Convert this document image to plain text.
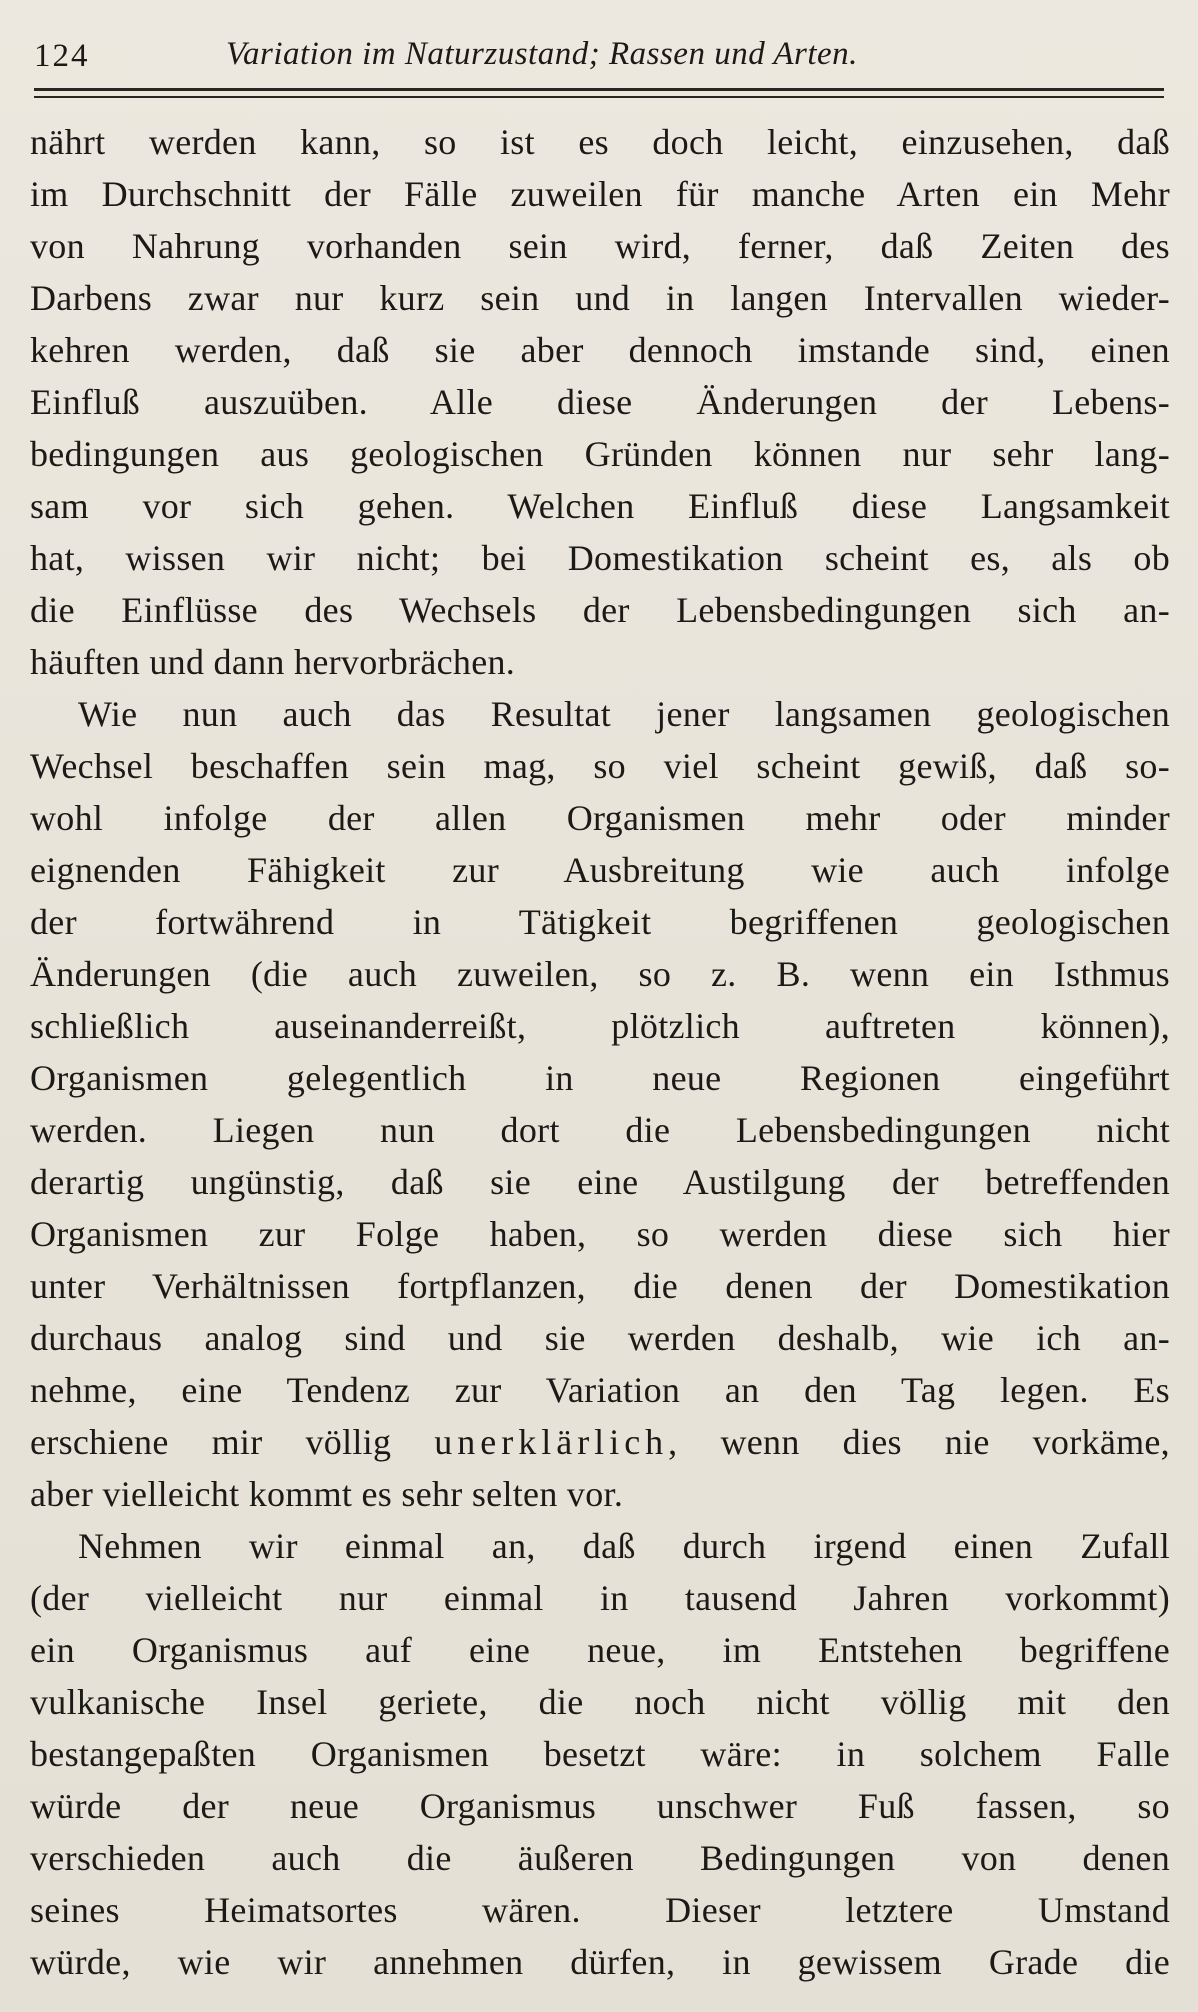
124	Variation im Naturzustand; Rassen und Arten.
nährt werden kann, so ist es doch leicht, einzusehen, daß
im Durchschnitt der Fälle zuweilen für manche Arten ein Mehr
von Nahrung vorhanden sein wird, ferner, daß Zeiten des
Darbens zwar nur kurz sein und in langen Intervallen wieder-
kehren werden, daß sie aber dennoch imstande sind, einen
Einfluß auszuüben. Alle diese Änderungen der Lebens-
bedingungen aus geologischen Gründen können nur sehr lang-
sam vor sich gehen. Welchen Einfluß diese Langsamkeit
hat, wissen wir nicht; bei Domestikation scheint es, als ob
die Einflüsse des Wechsels der Lebensbedingungen sich an-
häuften und dann hervorbrächen.
Wie nun auch das Resultat jener langsamen geologischen
Wechsel beschaffen sein mag, so viel scheint gewiß, daß so-
wohl infolge der allen Organismen mehr oder minder
eignenden Fähigkeit zur Ausbreitung wie auch infolge
der fortwährend in Tätigkeit begriffenen geologischen
Änderungen (die auch zuweilen, so z. B. wenn ein Isthmus
schließlich auseinanderreißt, plötzlich auftreten können),
Organismen gelegentlich in neue Regionen eingeführt
werden. Liegen nun dort die Lebensbedingungen nicht
derartig ungünstig, daß sie eine Austilgung der betreffenden
Organismen zur Folge haben, so werden diese sich hier
unter Verhältnissen fortpflanzen, die denen der Domestikation
durchaus analog sind und sie werden deshalb, wie ich an-
nehme, eine Tendenz zur Variation an den Tag legen. Es
erschiene mir völlig unerklärlich, wenn dies nie vorkäme,
aber vielleicht kommt es sehr selten vor.
Nehmen wir einmal an, daß durch irgend einen Zufall
(der vielleicht nur einmal in tausend Jahren vorkommt)
ein Organismus auf eine neue, im Entstehen begriffene
vulkanische Insel geriete, die noch nicht völlig mit den
bestangepaßten Organismen besetzt wäre: in solchem Falle
würde der neue Organismus unschwer Fuß fassen, so
verschieden auch die äußeren Bedingungen von denen
seines Heimatsortes wären. Dieser letztere Umstand
würde, wie wir annehmen dürfen, in gewissem Grade die
